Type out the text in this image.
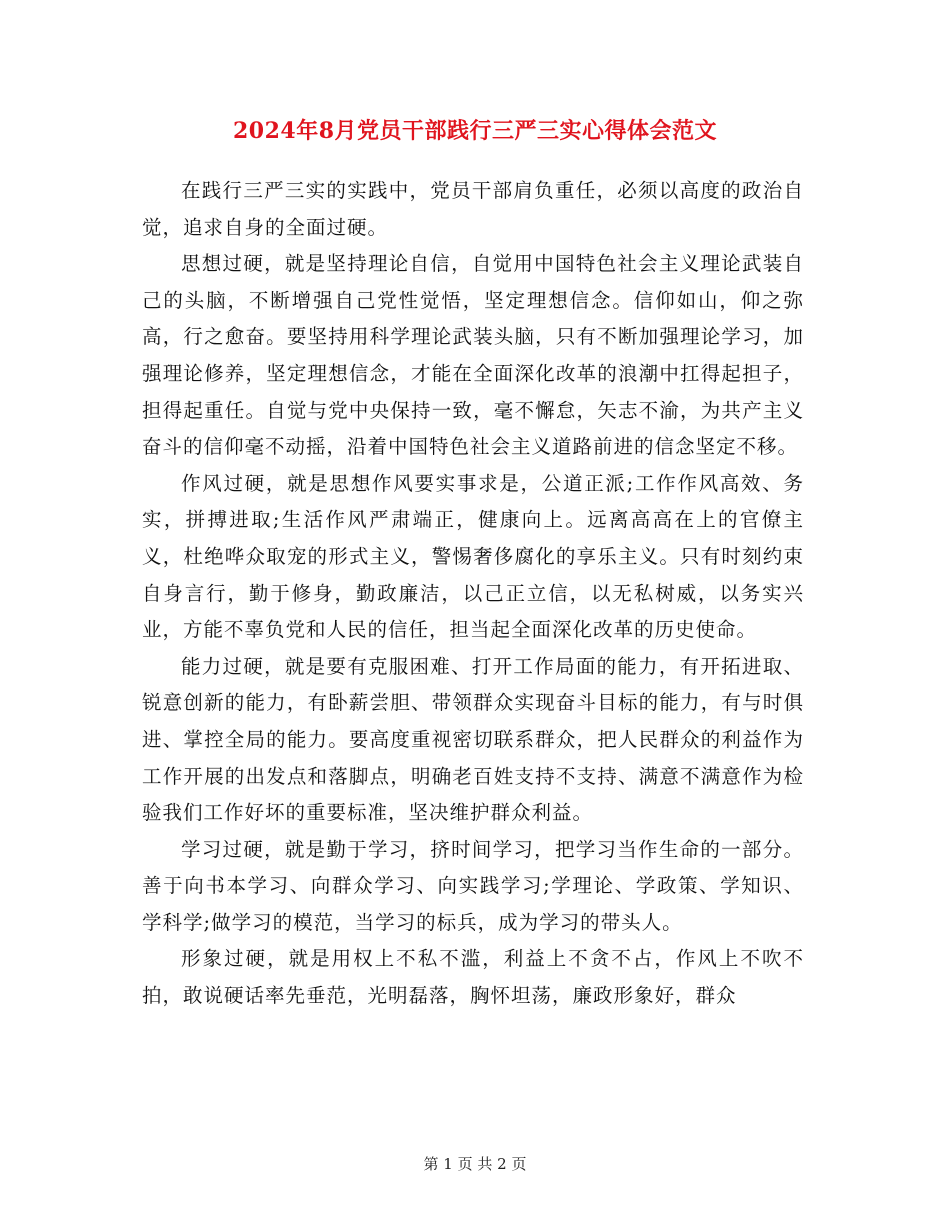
2024年8月党员干部践行三严三实心得体会范文

在践行三严三实的实践中，党员干部肩负重任，必须以高度的政治自觉，追求自身的全面过硬。

思想过硬，就是坚持理论自信，自觉用中国特色社会主义理论武装自己的头脑，不断增强自己党性觉悟，坚定理想信念。信仰如山，仰之弥高，行之愈奋。要坚持用科学理论武装头脑，只有不断加强理论学习，加强理论修养，坚定理想信念，才能在全面深化改革的浪潮中扛得起担子，担得起重任。自觉与党中央保持一致，毫不懈怠，矢志不渝，为共产主义奋斗的信仰毫不动摇，沿着中国特色社会主义道路前进的信念坚定不移。

作风过硬，就是思想作风要实事求是，公道正派;工作作风高效、务实，拼搏进取;生活作风严肃端正，健康向上。远离高高在上的官僚主义，杜绝哗众取宠的形式主义，警惕奢侈腐化的享乐主义。只有时刻约束自身言行，勤于修身，勤政廉洁，以己正立信，以无私树威，以务实兴业，方能不辜负党和人民的信任，担当起全面深化改革的历史使命。

能力过硬，就是要有克服困难、打开工作局面的能力，有开拓进取、锐意创新的能力，有卧薪尝胆、带领群众实现奋斗目标的能力，有与时俱进、掌控全局的能力。要高度重视密切联系群众，把人民群众的利益作为工作开展的出发点和落脚点，明确老百姓支持不支持、满意不满意作为检验我们工作好坏的重要标准，坚决维护群众利益。

学习过硬，就是勤于学习，挤时间学习，把学习当作生命的一部分。善于向书本学习、向群众学习、向实践学习;学理论、学政策、学知识、学科学;做学习的模范，当学习的标兵，成为学习的带头人。

形象过硬，就是用权上不私不滥，利益上不贪不占，作风上不吹不拍，敢说硬话率先垂范，光明磊落，胸怀坦荡，廉政形象好，群众

第 1 页 共 2 页
